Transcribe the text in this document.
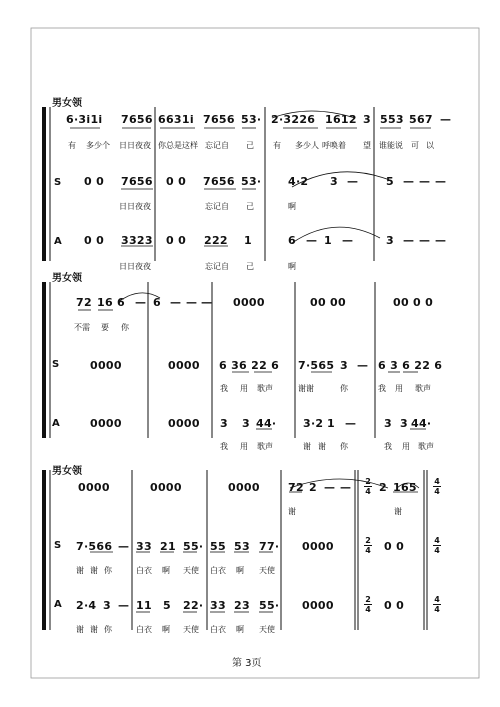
男女领
6·3i1i 7656 6631i 7656 53· 2·3226 1612 3 553 567 —
有 多少个 日日夜夜 你总是这样 忘记自 己 有 多少人 呼唤着 望 谁能说 可 以
S 0 0 7656 0 0 7656 53· 4·2 3 —	5 — — —
日日夜夜	忘记自 己	啊
A 0 0 3323 0 0 222 1	6 — 1 —	3 — — —
日日夜夜	忘记自 己	啊
男女领
72 16 6 — 6 — — — 0000	00 00	00 0 0
不需 要 你
S	0000	0000 6 36 22 6 7·565 3 — 6 3 6 22 6
我 用 歌声	谢谢	你	我 用 歌声
A	0000	0000 3 3 44· 3·2 1 —	3 3 44·
我 用 歌声	谢 谢 你	我 用 歌声
男女领
0000	0000	0000	72 2 — —	2 165
谢	谢
2
4
4
4
S 7·566 — 33 21 55· 55 53 77· 0000	0 0
2
4
4
4
谢 谢 你	白衣 啊 天使 白衣 啊 天使
A 2·4 3 — 11 5 22· 33 23 55· 0000	0 0
2
4
4
4
谢 谢 你	白衣 啊 天使 白衣 啊 天使
第 3页
